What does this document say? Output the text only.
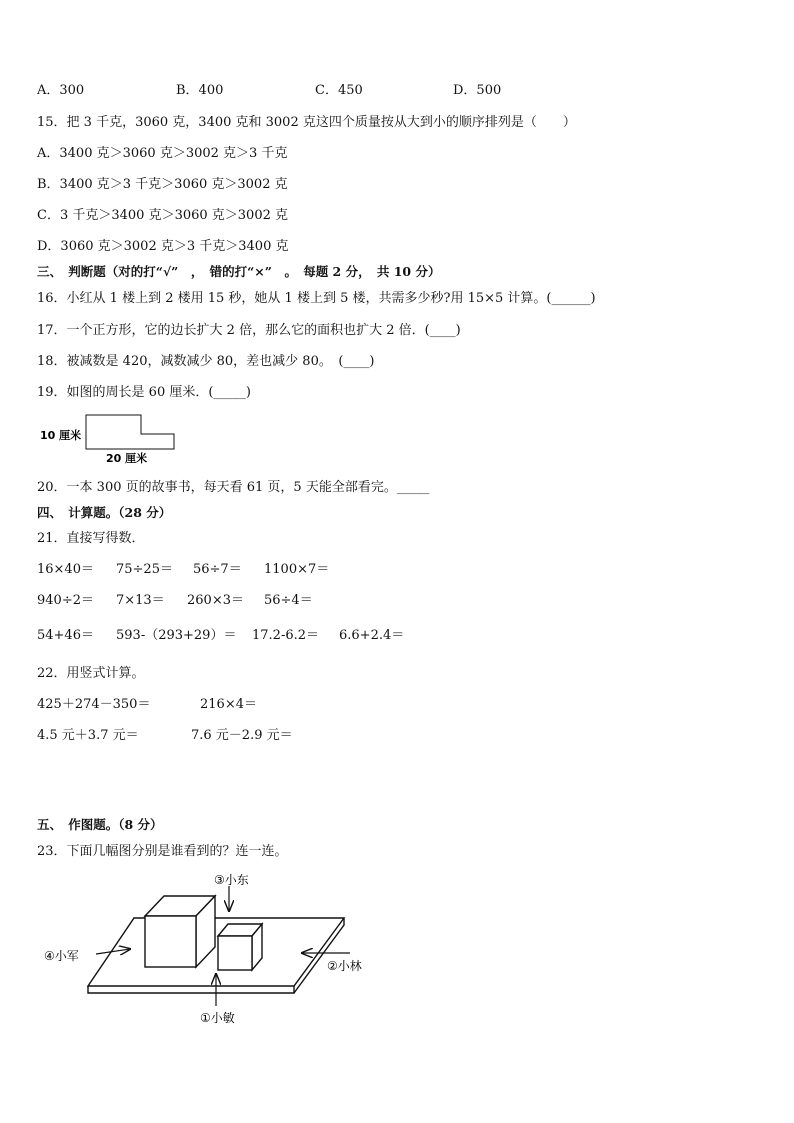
A．300	B．400	C．450	D．500
15．把 3 千克，3060 克，3400 克和 3002 克这四个质量按从大到小的顺序排列是（　　）
A．3400 克＞3060 克＞3002 克＞3 千克
B．3400 克＞3 千克＞3060 克＞3002 克
C．3 千克＞3400 克＞3060 克＞3002 克
D．3060 克＞3002 克＞3 千克＞3400 克
三、　判断题（对的打“√”　，　错的打“×”　。　每题 2 分，　共 10 分）
16．小红从 1 楼上到 2 楼用 15 秒，她从 1 楼上到 5 楼，共需多少秒?用 15×5 计算。(______)
17．一个正方形，它的边长扩大 2 倍，那么它的面积也扩大 2 倍．(____)
18．被减数是 420，减数减少 80，差也减少 80。　(____)
19．如图的周长是 60 厘米．(_____)
10 厘米
20 厘米
20．一本 300 页的故事书，每天看 61 页，5 天能全部看完。_____
四、　计算题。（28 分）
21．直接写得数．
16×40＝ 75÷25＝ 56÷7＝ 1100×7＝
940÷2＝ 7×13＝ 260×3＝ 56÷4＝
54+46＝ 593-（293+29）＝ 17.2-6.2＝ 6.6+2.4＝
22．用竖式计算。
425＋274－350＝	216×4＝
4.5 元＋3.7 元＝	7.6 元－2.9 元＝
五、　作图题。（8 分）
23．下面几幅图分别是谁看到的？连一连。
③小东
④小军
②小林
①小敏
